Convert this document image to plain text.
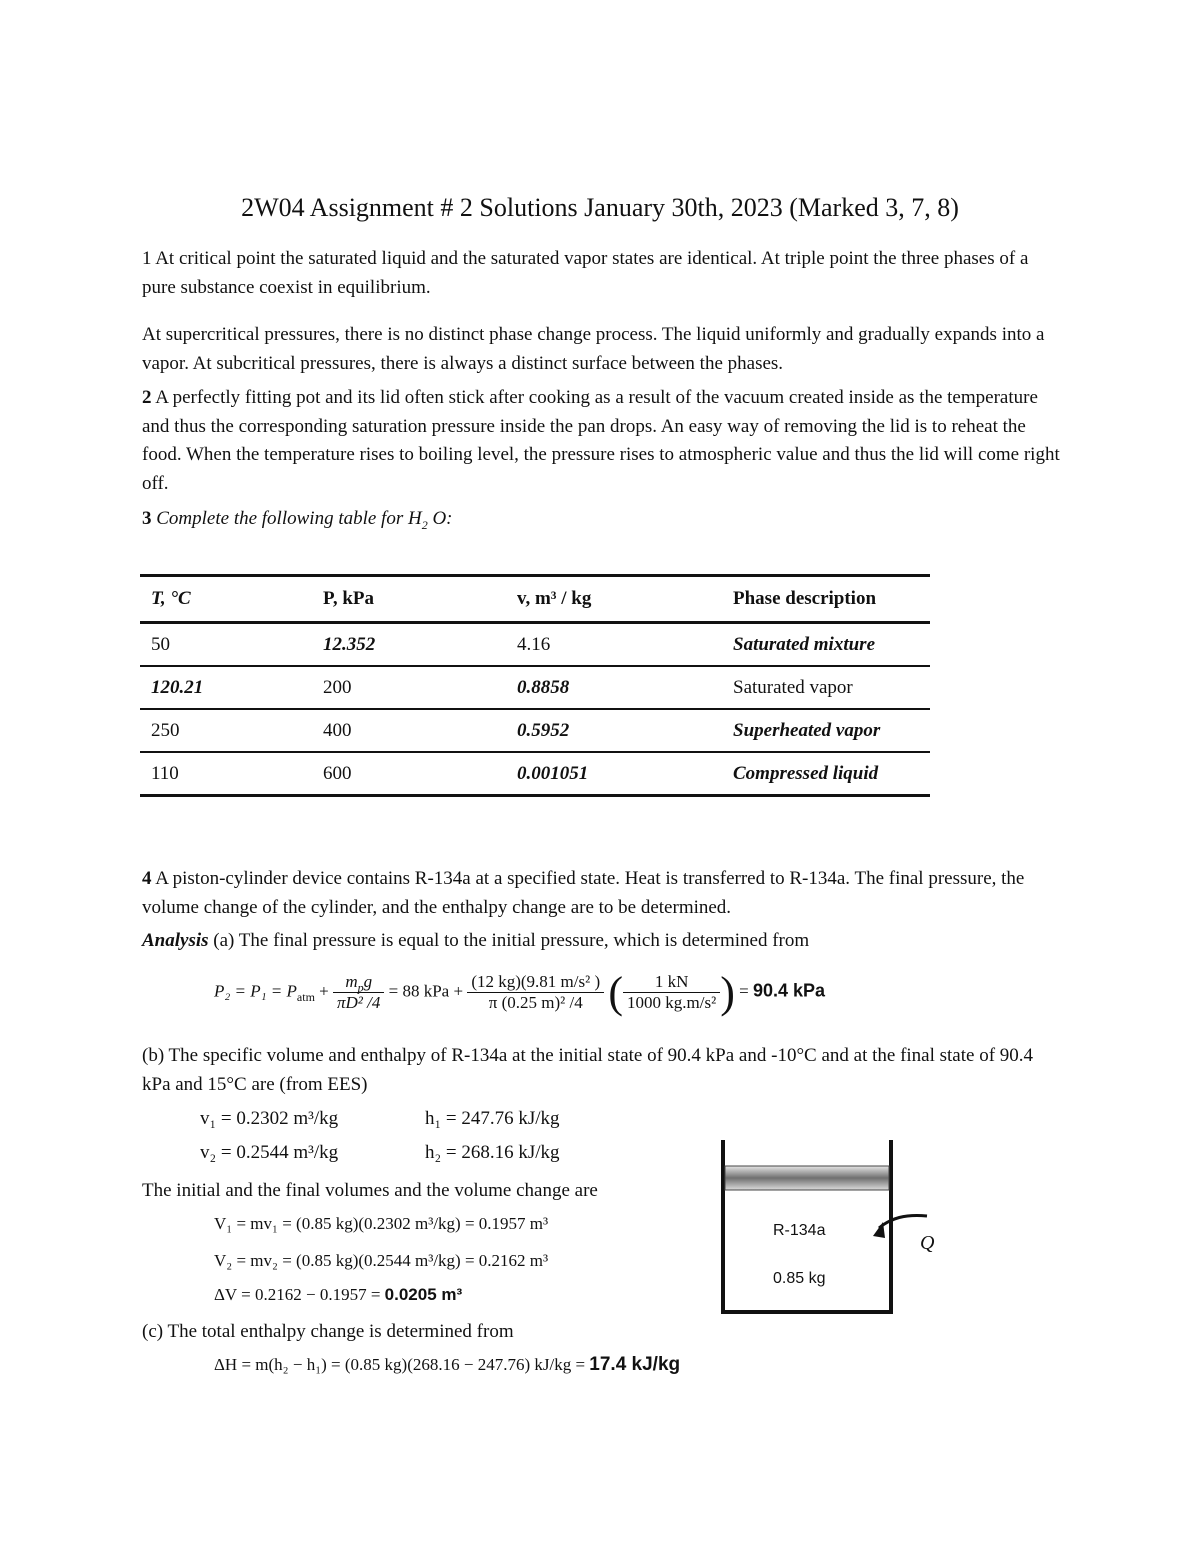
2W04 Assignment # 2 Solutions January 30th, 2023 (Marked 3, 7, 8)
1 At critical point the saturated liquid and the saturated vapor states are identical. At triple point the three phases of a pure substance coexist in equilibrium.
At supercritical pressures, there is no distinct phase change process. The liquid uniformly and gradually expands into a vapor. At subcritical pressures, there is always a distinct surface between the phases.
2 A perfectly fitting pot and its lid often stick after cooking as a result of the vacuum created inside as the temperature and thus the corresponding saturation pressure inside the pan drops. An easy way of removing the lid is to reheat the food. When the temperature rises to boiling level, the pressure rises to atmospheric value and thus the lid will come right off.
3 Complete the following table for $H_2$ O:
T, °C	P, kPa	v, m³ / kg	Phase description
50	12.352	4.16	Saturated mixture
120.21	200	0.8858	Saturated vapor
250	400	0.5952	Superheated vapor
110	600	0.001051	Compressed liquid
4 A piston-cylinder device contains R-134a at a specified state. Heat is transferred to R-134a. The final pressure, the volume change of the cylinder, and the enthalpy change are to be determined.
Analysis (a) The final pressure is equal to the initial pressure, which is determined from
$P_2 = P_1 = P_{atm} + \frac{m_pg}{\text{πD² /4}} = 88$ kPa + $\frac{\text{(12 kg)(9.81 m/s² )}}{\text{π (0.25 m)² /4}}$ ( $\frac{1 kN}{\text{1000 kg.m/s²}}$ ) = 90.4 kPa
(b) The specific volume and enthalpy of R-134a at the initial state of 90.4 kPa and -10°C and at the final state of 90.4 kPa and 15°C are (from EES)
v₁ = 0.2302 m³/kg	h₁ = 247.76 kJ/kg
v₂ = 0.2544 m³/kg	h₂ = 268.16 kJ/kg
The initial and the final volumes and the volume change are
V₁ = mv₁ = (0.85 kg)(0.2302 m³/kg) = 0.1957 m³
V₂ = mv₂ = (0.85 kg)(0.2544 m³/kg) = 0.2162 m³
ΔV = 0.2162 − 0.1957 = 0.0205 m³
(c) The total enthalpy change is determined from
ΔH = m(h₂ − h₁) = (0.85 kg)(268.16 − 247.76) kJ/kg = 17.4 kJ/kg
R-134a
0.85 kg
Q
